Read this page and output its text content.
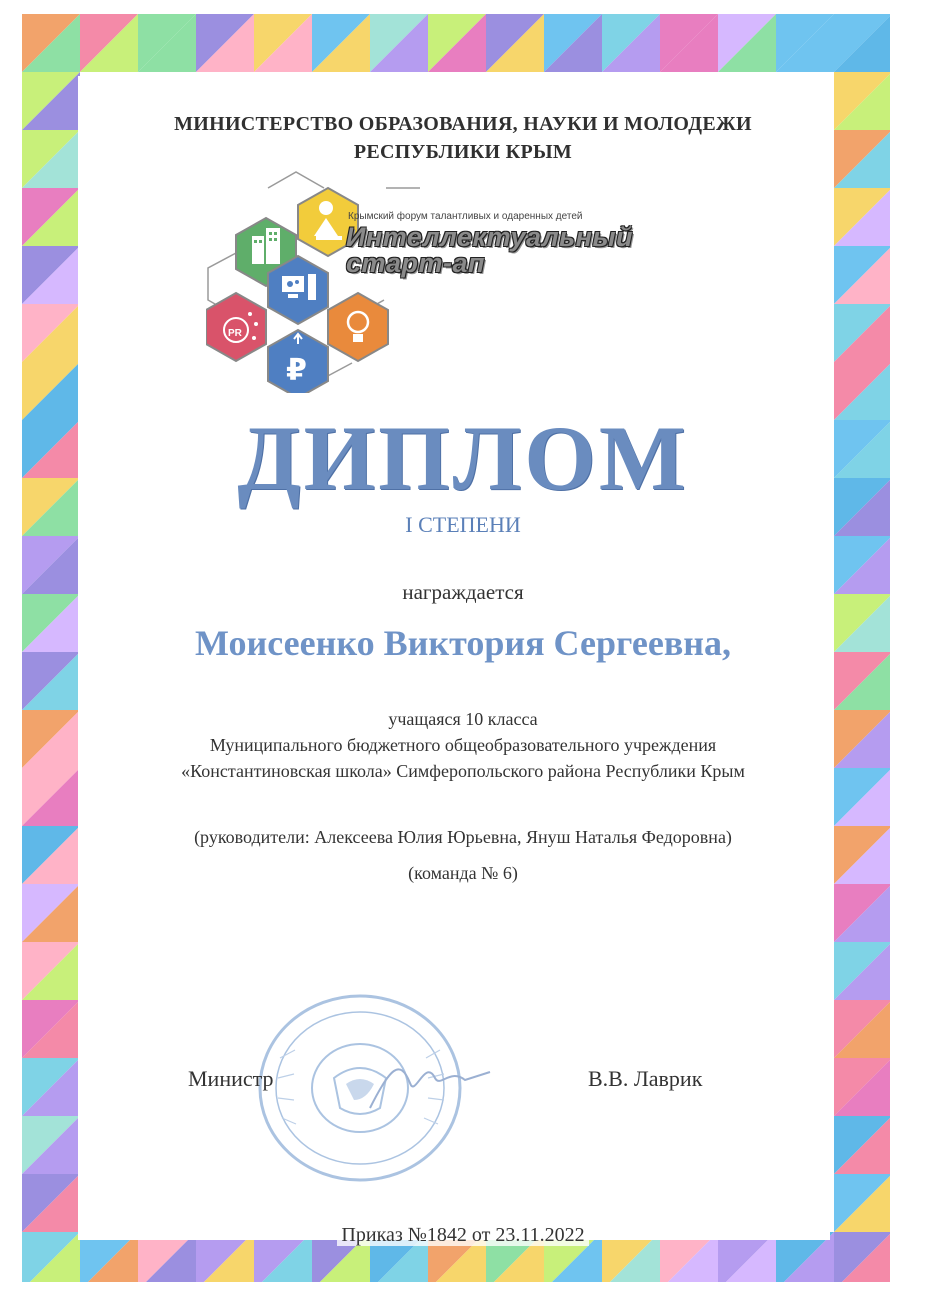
МИНИСТЕРСТВО ОБРАЗОВАНИЯ, НАУКИ И МОЛОДЕЖИ
РЕСПУБЛИКИ КРЫМ
PR
₽
Крымский форум талантливых и одаренных детей
Интеллектуальный
старт-ап
ДИПЛОМ
I СТЕПЕНИ
награждается
Моисеенко Виктория Сергеевна,
учащаяся 10 класса
Муниципального бюджетного общеобразовательного учреждения
«Константиновская школа» Симферопольского района Республики Крым
(руководители: Алексеева Юлия Юрьевна, Януш Наталья Федоровна)
(команда № 6)
Министр	В.В. Лаврик
Приказ №1842 от 23.11.2022
